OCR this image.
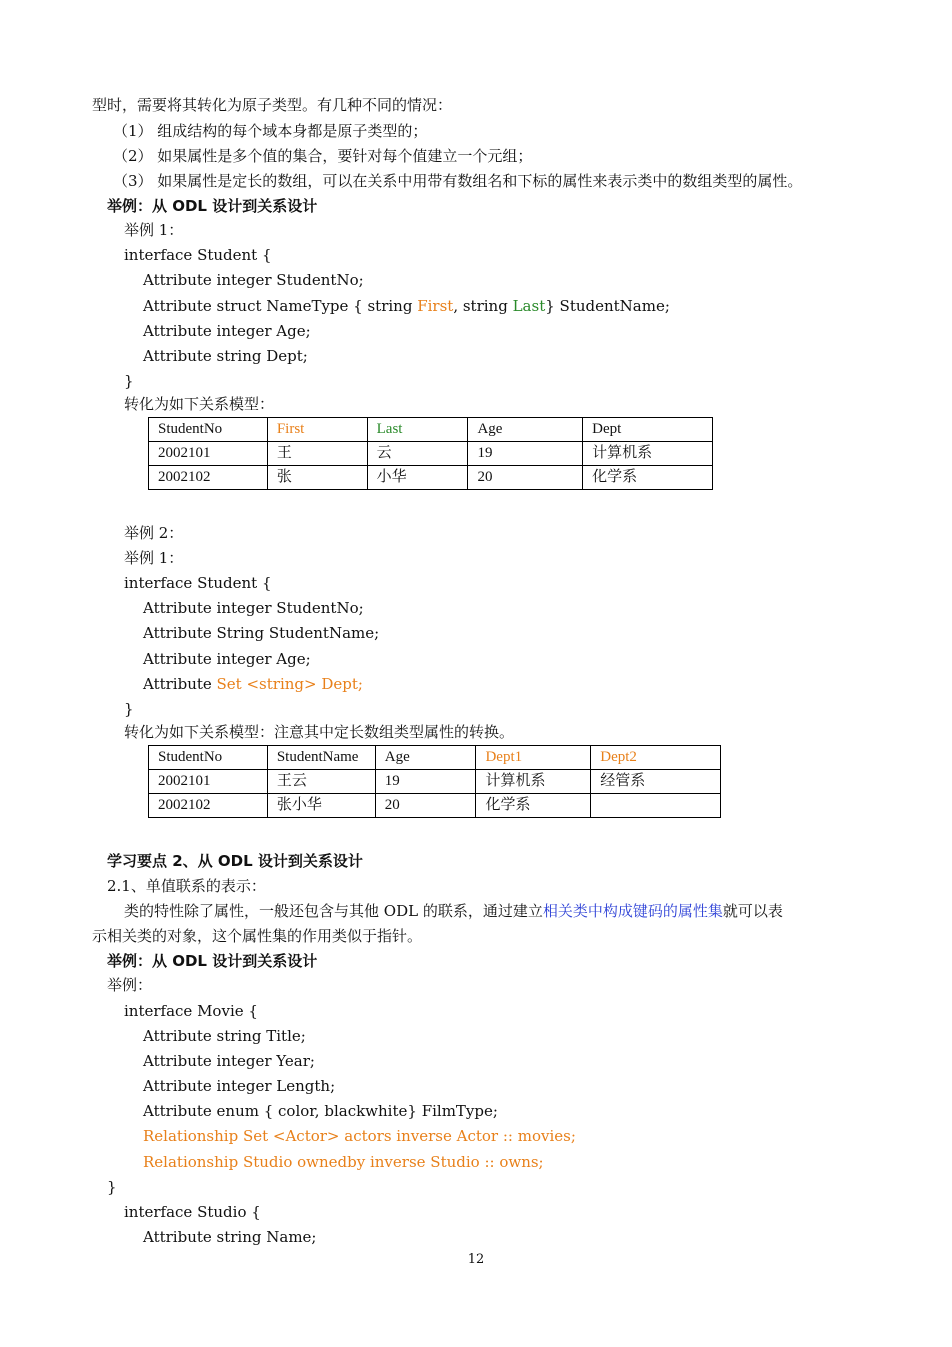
型时，需要将其转化为原子类型。有几种不同的情况：
（1） 组成结构的每个域本身都是原子类型的；
（2） 如果属性是多个值的集合，要针对每个值建立一个元组；
（3） 如果属性是定长的数组，可以在关系中用带有数组名和下标的属性来表示类中的数组类型的属性。
举例：从 ODL 设计到关系设计
举例 1：
interface Student {
Attribute integer StudentNo;
Attribute struct NameType { string First, string Last} StudentName;
Attribute integer Age;
Attribute string Dept;
}
转化为如下关系模型：
StudentNo	First	Last	Age	Dept
2002101	王	云	19	计算机系
2002102	张	小华	20	化学系
举例 2：
举例 1：
interface Student {
Attribute integer StudentNo;
Attribute String StudentName;
Attribute integer Age;
Attribute Set <string> Dept;
}
转化为如下关系模型：注意其中定长数组类型属性的转换。
StudentNo	StudentName	Age	Dept1	Dept2
2002101	王云	19	计算机系	经管系
2002102	张小华	20	化学系	
学习要点 2、从 ODL 设计到关系设计
2.1、单值联系的表示：
类的特性除了属性，一般还包含与其他 ODL 的联系，通过建立相关类中构成键码的属性集就可以表
示相关类的对象，这个属性集的作用类似于指针。
举例：从 ODL 设计到关系设计
举例：
interface Movie {
Attribute string Title;
Attribute integer Year;
Attribute integer Length;
Attribute enum { color, blackwhite} FilmType;
Relationship Set <Actor> actors inverse Actor :: movies;
Relationship Studio ownedby inverse Studio :: owns;
}
interface Studio {
Attribute string Name;
12
